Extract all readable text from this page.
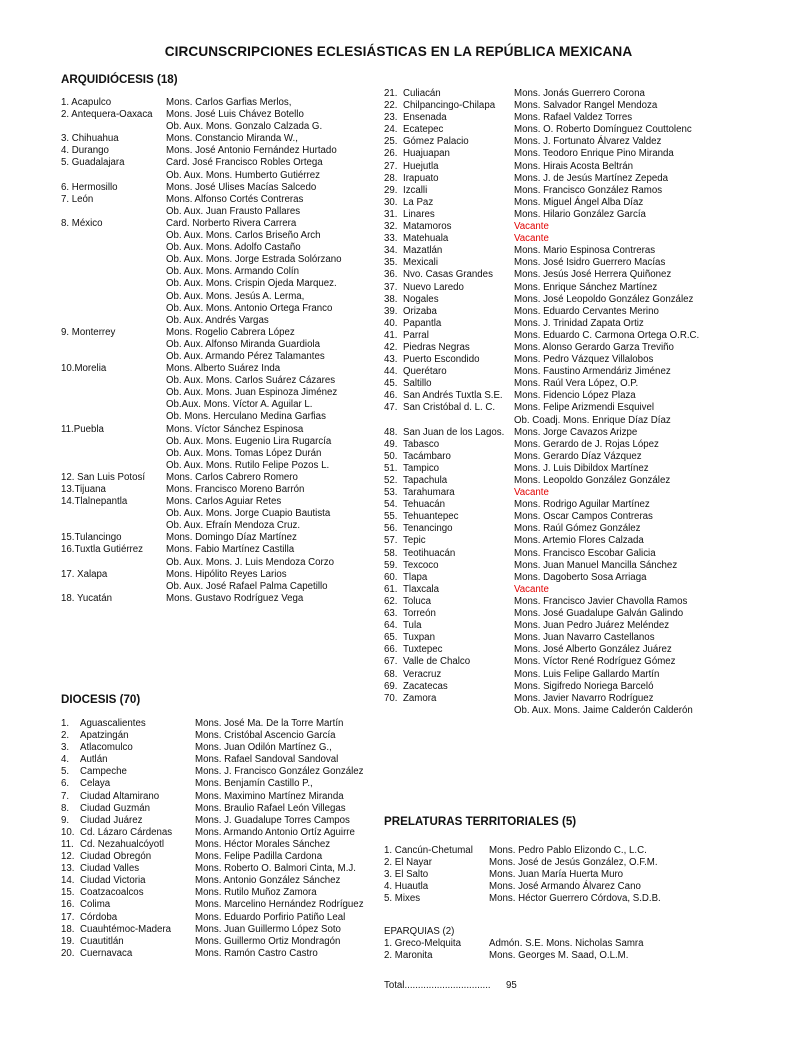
CIRCUNSCRIPCIONES ECLESIÁSTICAS EN LA REPÚBLICA MEXICANA
ARQUIDIÓCESIS (18)
1. Acapulco	Mons. Carlos Garfias Merlos,
2. Antequera-Oaxaca Mons. José Luis Chávez Botello
Ob. Aux. Mons. Gonzalo Calzada G.
3. Chihuahua	Mons. Constancio Miranda W.,
4. Durango	Mons. José Antonio Fernández Hurtado
5. Guadalajara	Card. José Francisco Robles Ortega
Ob. Aux. Mons. Humberto Gutiérrez
6. Hermosillo	Mons. José Ulises Macías Salcedo
7. León	Mons. Alfonso Cortés Contreras
Ob. Aux. Juan Frausto Pallares
8. México	Card. Norberto Rivera Carrera
Ob. Aux. Mons. Carlos Briseño Arch
Ob. Aux. Mons. Adolfo Castaño
Ob. Aux. Mons. Jorge Estrada Solórzano
Ob. Aux. Mons. Armando Colín
Ob. Aux. Mons. Crispin Ojeda Marquez.
Ob. Aux. Mons. Jesús A. Lerma,
Ob. Aux. Mons. Antonio Ortega Franco
Ob. Aux. Andrés Vargas
9. Monterrey	Mons. Rogelio Cabrera López
Ob. Aux. Alfonso Miranda Guardiola
Ob. Aux. Armando Pérez Talamantes
10.Morelia	Mons. Alberto Suárez Inda
Ob. Aux. Mons. Carlos Suárez Cázares
Ob. Aux. Mons. Juan Espinoza Jiménez
Ob.Aux. Mons. Víctor A. Aguilar L.
Ob. Mons. Herculano Medina Garfias
11.Puebla	Mons. Víctor Sánchez Espinosa
Ob. Aux. Mons. Eugenio Lira Rugarcía
Ob. Aux. Mons. Tomas López Durán
Ob. Aux. Mons. Rutilo Felipe Pozos L.
12. San Luis Potosí Mons. Carlos Cabrero Romero
13.Tijuana	Mons. Francisco Moreno Barrón
14.Tlalnepantla	Mons. Carlos Aguiar Retes
Ob. Aux. Mons. Jorge Cuapio Bautista
Ob. Aux. Efraín Mendoza Cruz.
15.Tulancingo	Mons. Domingo Díaz Martínez
16.Tuxtla Gutiérrez Mons. Fabio Martínez Castilla
Ob. Aux. Mons. J. Luis Mendoza Corzo
17. Xalapa	Mons. Hipólito Reyes Larios
Ob. Aux. José Rafael Palma Capetillo
18. Yucatán	Mons. Gustavo Rodríguez Vega
DIOCESIS (70)
1. Aguascalientes	Mons. José Ma. De la Torre Martín
2. Apatzingán	Mons. Cristóbal Ascencio García
3. Atlacomulco	Mons. Juan Odilón Martínez G.,
4. Autlán	Mons. Rafael Sandoval Sandoval
5. Campeche	Mons. J. Francisco González González
6. Celaya	Mons. Benjamín Castillo P.,
7. Ciudad Altamirano	Mons. Maximino Martínez Miranda
8. Ciudad Guzmán	Mons. Braulio Rafael León Villegas
9. Ciudad Juárez	Mons. J. Guadalupe Torres Campos
10. Cd. Lázaro Cárdenas Mons. Armando Antonio Ortíz Aguirre
11. Cd. Nezahualcóyotl	Mons. Héctor Morales Sánchez
12. Ciudad Obregón	Mons. Felipe Padilla Cardona
13. Ciudad Valles	Mons. Roberto O. Balmori Cinta, M.J.
14. Ciudad Victoria	Mons. Antonio González Sánchez
15. Coatzacoalcos	Mons. Rutilo Muñoz Zamora
16. Colima	Mons. Marcelino Hernández Rodríguez
17. Córdoba	Mons. Eduardo Porfirio Patiño Leal
18. Cuauhtémoc-Madera Mons. Juan Guillermo López Soto
19. Cuautitlán	Mons. Guillermo Ortiz Mondragón
20. Cuernavaca	Mons. Ramón Castro Castro
21. Culiacán	Mons. Jonás Guerrero Corona
22. Chilpancingo-Chilapa Mons. Salvador Rangel Mendoza
23. Ensenada	Mons. Rafael Valdez Torres
24. Ecatepec	Mons. O. Roberto Domínguez Couttolenc
25. Gómez Palacio	Mons. J. Fortunato Álvarez Valdez
26. Huajuapan	Mons. Teodoro Enrique Pino Miranda
27. Huejutla	Mons. Hirais Acosta Beltrán
28. Irapuato	Mons. J. de Jesús Martínez Zepeda
29. Izcalli	Mons. Francisco González Ramos
30. La Paz	Mons. Miguel Ángel Alba Díaz
31. Linares	Mons. Hilario González García
32. Matamoros	Vacante
33. Matehuala	Vacante
34. Mazatlán	Mons. Mario Espinosa Contreras
35. Mexicali	Mons. José Isidro Guerrero Macías
36. Nvo. Casas Grandes Mons. Jesús José Herrera Quiñonez
37. Nuevo Laredo	Mons. Enrique Sánchez Martínez
38. Nogales	Mons. José Leopoldo González González
39. Orizaba	Mons. Eduardo Cervantes Merino
40. Papantla	Mons. J. Trinidad Zapata Ortiz
41. Parral	Mons. Eduardo C. Carmona Ortega O.R.C.
42. Piedras Negras	Mons. Alonso Gerardo Garza Treviño
43. Puerto Escondido	Mons. Pedro Vázquez Villalobos
44. Querétaro	Mons. Faustino Armendáriz Jiménez
45. Saltillo	Mons. Raúl Vera López, O.P.
46. San Andrés Tuxtla S.E. Mons. Fidencio López Plaza
47. San Cristóbal d. L. C. Mons. Felipe Arizmendi Esquivel
Ob. Coadj. Mons. Enrique Díaz Díaz
48. San Juan de los Lagos. Mons. Jorge Cavazos Arizpe
49. Tabasco	Mons. Gerardo de J. Rojas López
50. Tacámbaro	Mons. Gerardo Díaz Vázquez
51. Tampico	Mons. J. Luis Dibildox Martínez
52. Tapachula	Mons. Leopoldo González González
53. Tarahumara	Vacante
54. Tehuacán	Mons. Rodrigo Aguilar Martínez
55. Tehuantepec	Mons. Oscar Campos Contreras
56. Tenancingo	Mons. Raúl Gómez González
57. Tepic	Mons. Artemio Flores Calzada
58. Teotihuacán	Mons. Francisco Escobar Galicia
59. Texcoco	Mons. Juan Manuel Mancilla Sánchez
60. Tlapa	Mons. Dagoberto Sosa Arriaga
61. Tlaxcala	Vacante
62. Toluca	Mons. Francisco Javier Chavolla Ramos
63. Torreón	Mons. José Guadalupe Galván Galindo
64. Tula	Mons. Juan Pedro Juárez Meléndez
65. Tuxpan	Mons. Juan Navarro Castellanos
66. Tuxtepec	Mons. José Alberto González Juárez
67. Valle de Chalco	Mons. Víctor René Rodríguez Gómez
68. Veracruz	Mons. Luis Felipe Gallardo Martín
69. Zacatecas	Mons. Sigifredo Noriega Barceló
70. Zamora	Mons. Javier Navarro Rodríguez
Ob. Aux. Mons. Jaime Calderón Calderón
PRELATURAS TERRITORIALES (5)
1. Cancún-Chetumal Mons. Pedro Pablo Elizondo C., L.C.
2. El Nayar	Mons. José de Jesús González, O.F.M.
3. El Salto	Mons. Juan María Huerta Muro
4. Huautla	Mons. José Armando Álvarez Cano
5. Mixes	Mons. Héctor Guerrero Córdova, S.D.B.
EPARQUIAS (2)
1. Greco-Melquita	Admón. S.E. Mons. Nicholas Samra
2. Maronita	Mons. Georges M. Saad, O.L.M.
Total................................ 95
